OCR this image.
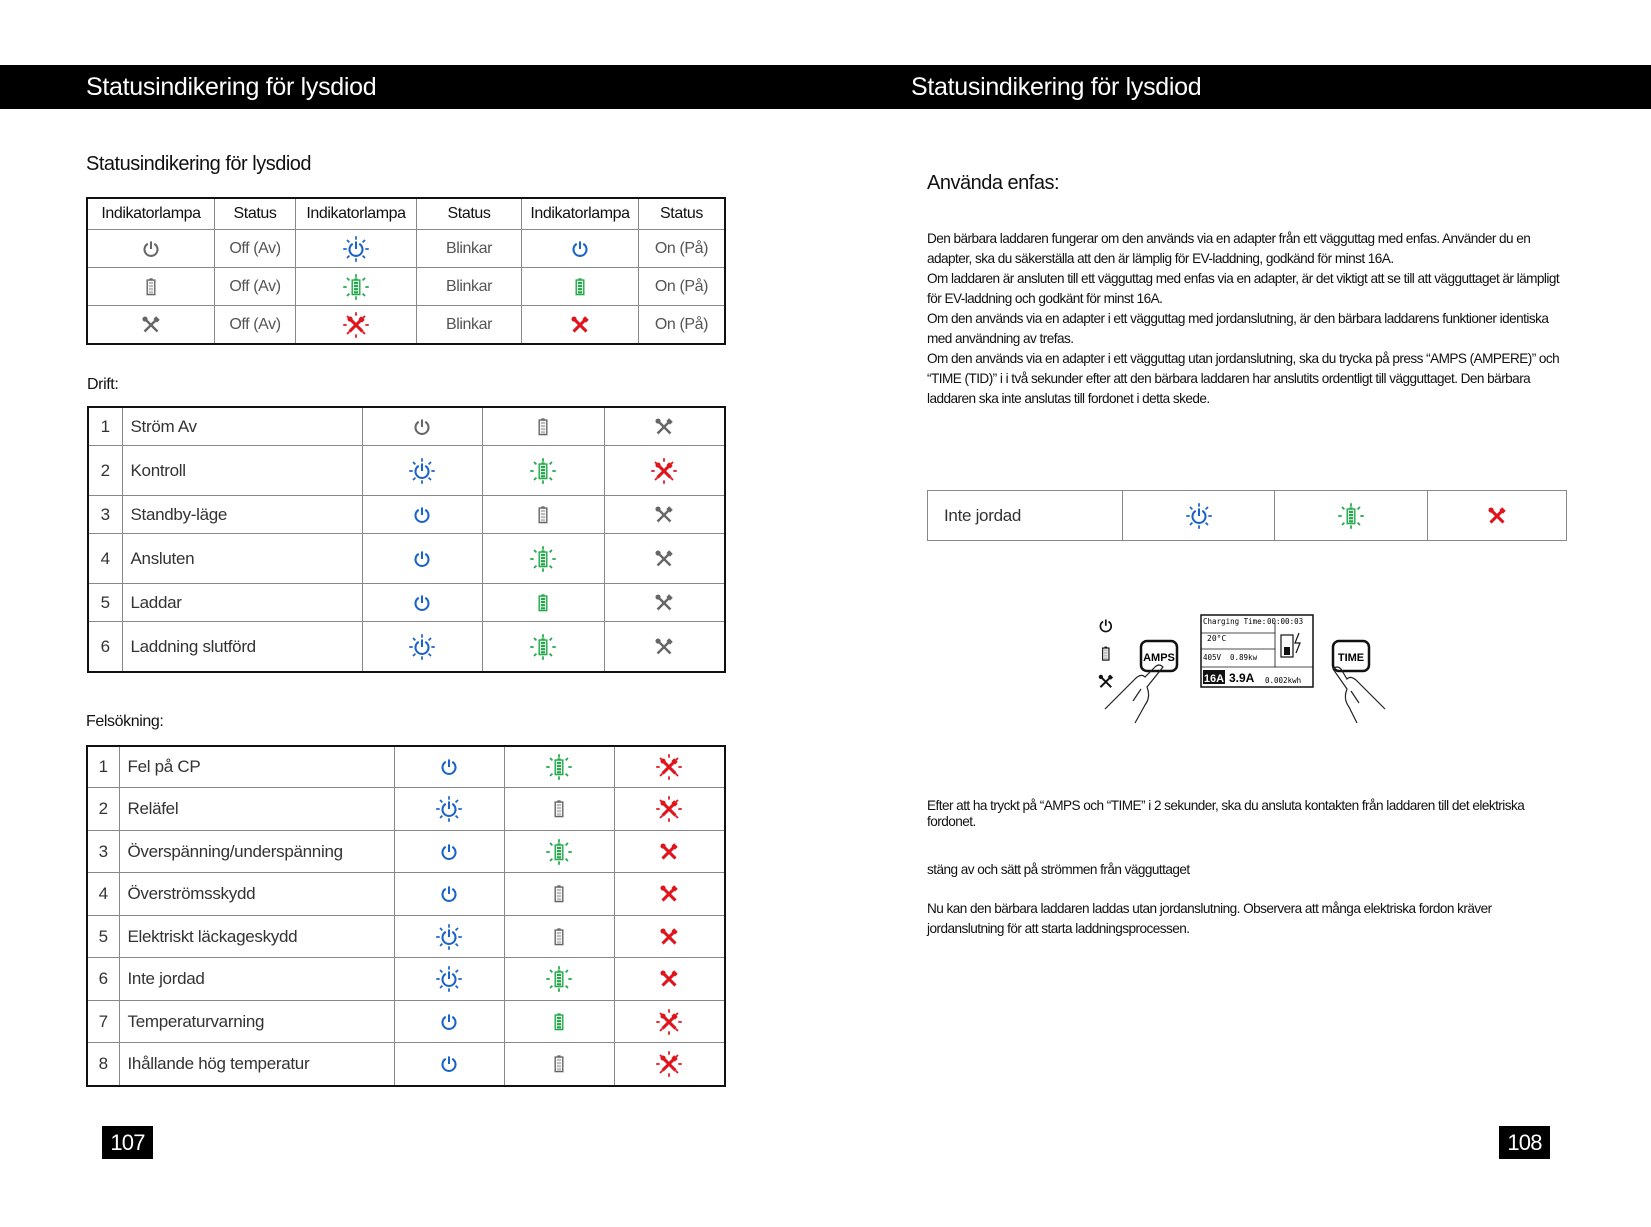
Statusindikering för lysdiod
Statusindikering för lysdiod
Indikatorlampa	Status	Indikatorlampa	Status	Indikatorlampa	Status
	Off (Av)		Blinkar		On (På)
	Off (Av)		Blinkar		On (På)
	Off (Av)		Blinkar		On (På)
Drift:
1	Ström Av			
2	Kontroll			
3	Standby-läge			
4	Ansluten			
5	Laddar			
6	Laddning slutförd			
Felsökning:
1	Fel på CP			
2	Reläfel			
3	Överspänning/underspänning			
4	Överströmsskydd			
5	Elektriskt läckageskydd			
6	Inte jordad			
7	Temperaturvarning			
8	Ihållande hög temperatur			
107
Statusindikering för lysdiod
Använda enfas:

Den bärbara laddaren fungerar om den används via en adapter från ett vägguttag med enfas. Använder du en adapter, ska du säkerställa att den är lämplig för EV-laddning, godkänd för minst 16A.

Om laddaren är ansluten till ett vägguttag med enfas via en adapter, är det viktigt att se till att vägguttaget är lämpligt för EV-laddning och godkänt för minst 16A.

Om den används via en adapter i ett vägguttag med jordanslutning, är den bärbara laddarens funktioner identiska med användning av trefas.

Om den används via en adapter i ett vägguttag utan jordanslutning, ska du trycka på press “AMPS (AMPERE)” och “TIME (TID)” i i två sekunder efter att den bärbara laddaren har anslutits ordentligt till vägguttaget. Den bärbara laddaren ska inte anslutas till fordonet i detta skede.

Inte jordad			
AMPS
Charging Time: 00:00:03
20°C
405V 0.89kw
16A 3.9A 0.002kwh
TIME
Efter att ha tryckt på “AMPS och “TIME” i 2 sekunder, ska du ansluta kontakten från laddaren till det elektriska fordonet.
stäng av och sätt på strömmen från vägguttaget
Nu kan den bärbara laddaren laddas utan jordanslutning. Observera att många elektriska fordon kräver jordanslutning för att starta laddningsprocessen.
108
